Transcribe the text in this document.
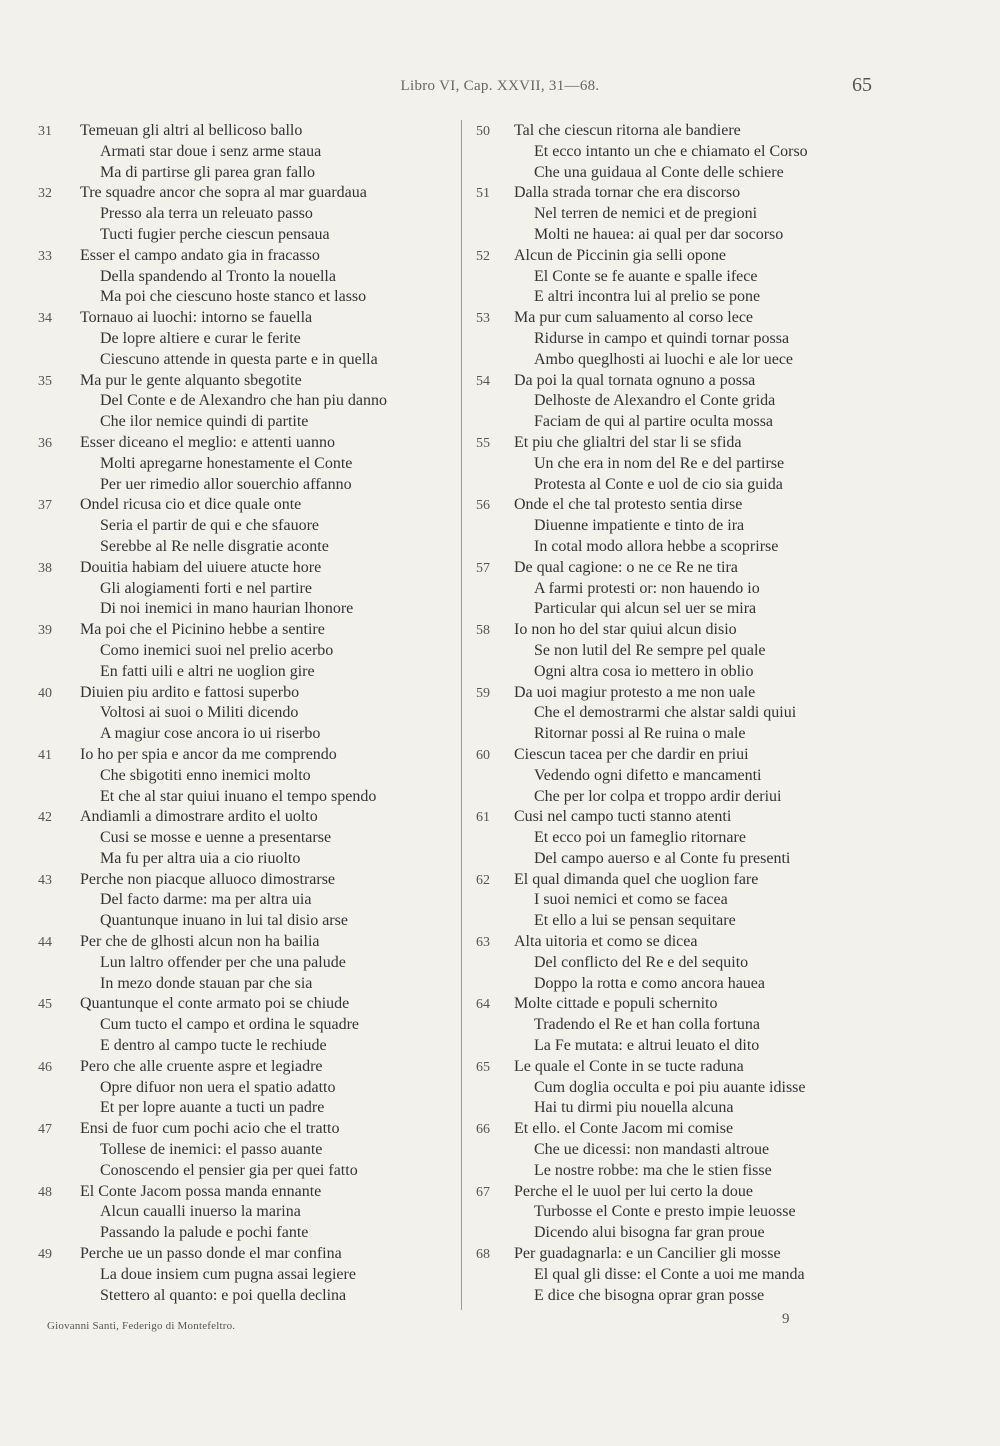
Libro VI, Cap. XXVII, 31—68.	65
31	Temeuan gli altri al bellicoso ballo
Armati star doue i senz arme staua
Ma di partirse gli parea gran fallo
32	Tre squadre ancor che sopra al mar guardaua
Presso ala terra un releuato passo
Tucti fugier perche ciescun pensaua
33	Esser el campo andato gia in fracasso
Della spandendo al Tronto la nouella
Ma poi che ciescuno hoste stanco et lasso
34	Tornauo ai luochi: intorno se fauella
De lopre altiere e curar le ferite
Ciescuno attende in questa parte e in quella
35	Ma pur le gente alquanto sbegotite
Del Conte e de Alexandro che han piu danno
Che ilor nemice quindi di partite
36	Esser diceano el meglio: e attenti uanno
Molti apregarne honestamente el Conte
Per uer rimedio allor souerchio affanno
37	Ondel ricusa cio et dice quale onte
Seria el partir de qui e che sfauore
Serebbe al Re nelle disgratie aconte
38	Douitia habiam del uiuere atucte hore
Gli alogiamenti forti e nel partire
Di noi inemici in mano haurian lhonore
39	Ma poi che el Picinino hebbe a sentire
Como inemici suoi nel prelio acerbo
En fatti uili e altri ne uoglion gire
40	Diuien piu ardito e fattosi superbo
Voltosi ai suoi o Militi dicendo
A magiur cose ancora io ui riserbo
41	Io ho per spia e ancor da me comprendo
Che sbigotiti enno inemici molto
Et che al star quiui inuano el tempo spendo
42	Andiamli a dimostrare ardito el uolto
Cusi se mosse e uenne a presentarse
Ma fu per altra uia a cio riuolto
43	Perche non piacque alluoco dimostrarse
Del facto darme: ma per altra uia
Quantunque inuano in lui tal disio arse
44	Per che de glhosti alcun non ha bailia
Lun laltro offender per che una palude
In mezo donde stauan par che sia
45	Quantunque el conte armato poi se chiude
Cum tucto el campo et ordina le squadre
E dentro al campo tucte le rechiude
46	Pero che alle cruente aspre et legiadre
Opre difuor non uera el spatio adatto
Et per lopre auante a tucti un padre
47	Ensi de fuor cum pochi acio che el tratto
Tollese de inemici: el passo auante
Conoscendo el pensier gia per quei fatto
48	El Conte Jacom possa manda ennante
Alcun caualli inuerso la marina
Passando la palude e pochi fante
49	Perche ue un passo donde el mar confina
La doue insiem cum pugna assai legiere
Stettero al quanto: e poi quella declina
50	Tal che ciescun ritorna ale bandiere
Et ecco intanto un che e chiamato el Corso
Che una guidaua al Conte delle schiere
51	Dalla strada tornar che era discorso
Nel terren de nemici et de pregioni
Molti ne hauea: ai qual per dar socorso
52	Alcun de Piccinin gia selli opone
El Conte se fe auante e spalle ifece
E altri incontra lui al prelio se pone
53	Ma pur cum saluamento al corso lece
Ridurse in campo et quindi tornar possa
Ambo queglhosti ai luochi e ale lor uece
54	Da poi la qual tornata ognuno a possa
Delhoste de Alexandro el Conte grida
Faciam de qui al partire oculta mossa
55	Et piu che glialtri del star li se sfida
Un che era in nom del Re e del partirse
Protesta al Conte e uol de cio sia guida
56	Onde el che tal protesto sentia dirse
Diuenne impatiente e tinto de ira
In cotal modo allora hebbe a scoprirse
57	De qual cagione: o ne ce Re ne tira
A farmi protesti or: non hauendo io
Particular qui alcun sel uer se mira
58	Io non ho del star quiui alcun disio
Se non lutil del Re sempre pel quale
Ogni altra cosa io mettero in oblio
59	Da uoi magiur protesto a me non uale
Che el demostrarmi che alstar saldi quiui
Ritornar possi al Re ruina o male
60	Ciescun tacea per che dardir en priui
Vedendo ogni difetto e mancamenti
Che per lor colpa et troppo ardir deriui
61	Cusi nel campo tucti stanno atenti
Et ecco poi un fameglio ritornare
Del campo auerso e al Conte fu presenti
62	El qual dimanda quel che uoglion fare
I suoi nemici et como se facea
Et ello a lui se pensan sequitare
63	Alta uitoria et como se dicea
Del conflicto del Re e del sequito
Doppo la rotta e como ancora hauea
64	Molte cittade e populi schernito
Tradendo el Re et han colla fortuna
La Fe mutata: e altrui leuato el dito
65	Le quale el Conte in se tucte raduna
Cum doglia occulta e poi piu auante idisse
Hai tu dirmi piu nouella alcuna
66	Et ello. el Conte Jacom mi comise
Che ue dicessi: non mandasti altroue
Le nostre robbe: ma che le stien fisse
67	Perche el le uuol per lui certo la doue
Turbosse el Conte e presto impie leuosse
Dicendo alui bisogna far gran proue
68	Per guadagnarla: e un Cancilier gli mosse
El qual gli disse: el Conte a uoi me manda
E dice che bisogna oprar gran posse
Giovanni Santi, Federigo di Montefeltro.	9
